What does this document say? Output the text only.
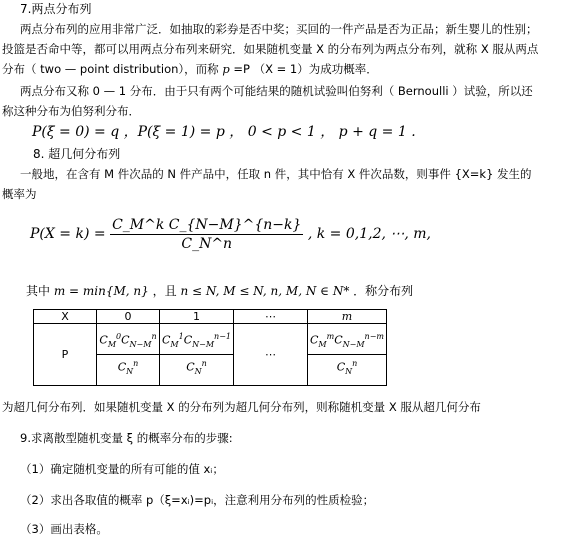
7.两点分布列
两点分布列的应用非常广泛．如抽取的彩券是否中奖；买回的一件产品是否为正品；新生婴儿的性别；
投篮是否命中等，都可以用两点分布列来研究．如果随机变量 X 的分布列为两点分布列，就称 X 服从两点
分布（ two — point distribution），而称 p =P （X = 1）为成功概率．
两点分布又称 0 — 1 分布．由于只有两个可能结果的随机试验叫伯努利（ Bernoulli ）试验，所以还
称这种分布为伯努利分布．
P(ξ = 0) = q ，P(ξ = 1) = p ， 0 < p < 1 ， p + q = 1 .
8. 超几何分布列
一般地，在含有 M 件次品的 N 件产品中，任取 n 件，其中恰有 X 件次品数，则事件 {X=k} 发生的
概率为
$P(X = k) = \frac{\text{C\_M\textasciicircum{}k C\_\{N−M\}\textasciicircum{}\{n−k\}}}{C\_N\^{}n}$ , k = 0,1,2, ⋯, m,
其中 m = min{M, n} ，且 n ≤ N, M ≤ N, n, M, N ∈ N* ．称分布列
X	0	1	⋯	m
P	$\frac{C_M^0C_{N-M}^n}{C_N^n}$	$\frac{C_M^1C_{N-M}^{n-1}}{C_N^n}$	⋯	$\frac{C_M^mC_{N-M}^{n-m}}{C_N^n}$
为超几何分布列．如果随机变量 X 的分布列为超几何分布列，则称随机变量 X 服从超几何分布
9.求离散型随机变量 ξ 的概率分布的步骤:
（1）确定随机变量的所有可能的值 xᵢ；
（2）求出各取值的概率 p（ξ=xᵢ)=pᵢ，注意利用分布列的性质检验；
（3）画出表格。
